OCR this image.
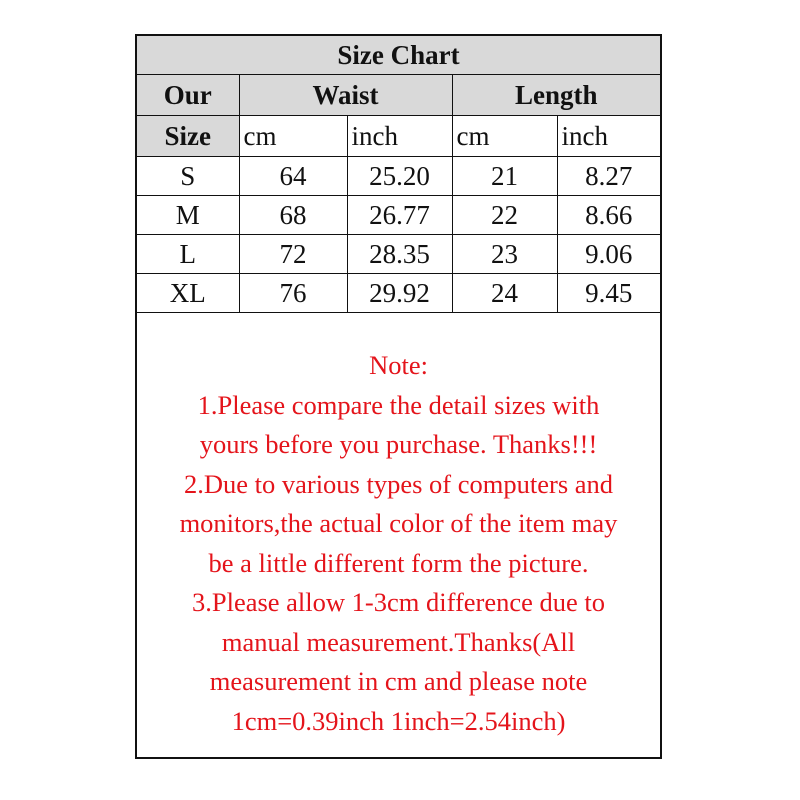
Size Chart				
Our	Waist		Length	
Size	cm	inch	cm	inch
S	64	25.20	21	8.27
M	68	26.77	22	8.66
L	72	28.35	23	9.06
XL	76	29.92	24	9.45
Note:
1.Please compare the detail sizes with
yours before you purchase. Thanks!!!
2.Due to various types of computers and
monitors,the actual color of the item may
be a little different form the picture.
3.Please allow 1-3cm difference due to
manual measurement.Thanks(All
measurement in cm and please note
1cm=0.39inch 1inch=2.54inch)
